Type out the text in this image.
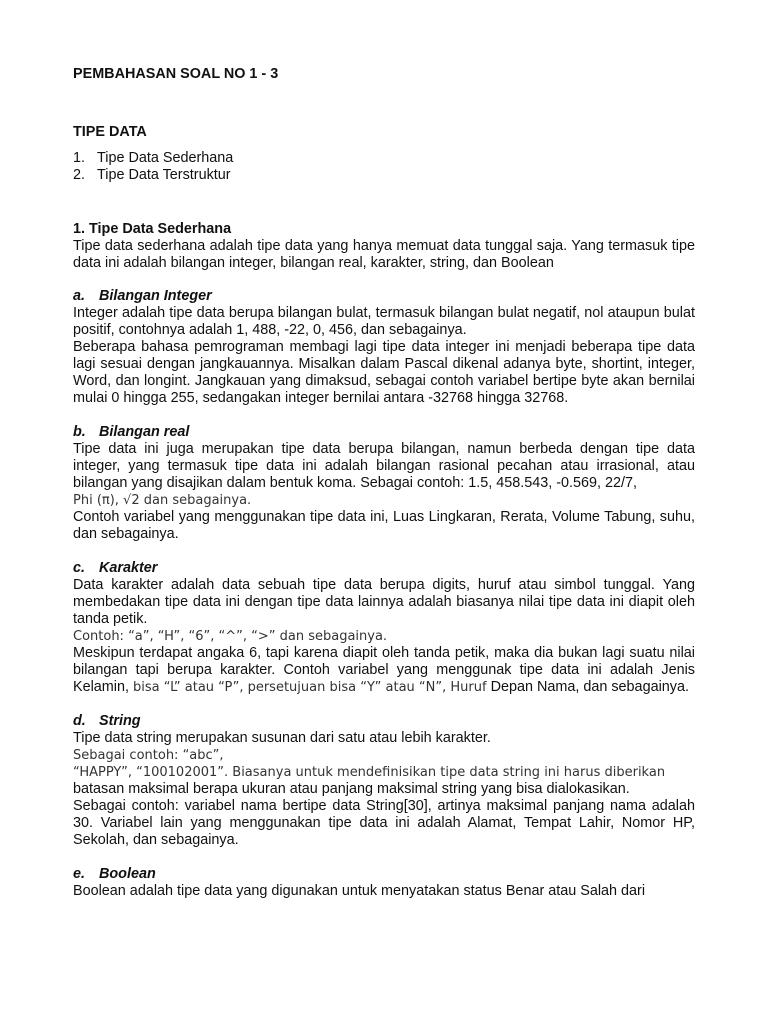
PEMBAHASAN SOAL NO 1 - 3
TIPE DATA
1. Tipe Data Sederhana
2. Tipe Data Terstruktur
1. Tipe Data Sederhana

Tipe data sederhana adalah tipe data yang hanya memuat data tunggal saja. Yang termasuk tipe data ini adalah bilangan integer, bilangan real, karakter, string, dan Boolean

a. Bilangan Integer

Integer adalah tipe data berupa bilangan bulat, termasuk bilangan bulat negatif, nol ataupun bulat positif, contohnya adalah 1, 488, -22, 0, 456, dan sebagainya.

Beberapa bahasa pemrograman membagi lagi tipe data integer ini menjadi beberapa tipe data lagi sesuai dengan jangkauannya. Misalkan dalam Pascal dikenal adanya byte, shortint, integer, Word, dan longint. Jangkauan yang dimaksud, sebagai contoh variabel bertipe byte akan bernilai mulai 0 hingga 255, sedangakan integer bernilai antara -32768 hingga 32768.

b. Bilangan real

Tipe data ini juga merupakan tipe data berupa bilangan, namun berbeda dengan tipe data integer, yang termasuk tipe data ini adalah bilangan rasional pecahan atau irrasional, atau bilangan yang disajikan dalam bentuk koma. Sebagai contoh: 1.5, 458.543, -0.569, 22/7,

Phi (π), √2 dan sebagainya.

Contoh variabel yang menggunakan tipe data ini, Luas Lingkaran, Rerata, Volume Tabung, suhu, dan sebagainya.

c. Karakter

Data karakter adalah data sebuah tipe data berupa digits, huruf atau simbol tunggal. Yang membedakan tipe data ini dengan tipe data lainnya adalah biasanya nilai tipe data ini diapit oleh tanda petik.

Contoh: “a”, “H”, “6”, “^”, “>” dan sebagainya.

Meskipun terdapat angaka 6, tapi karena diapit oleh tanda petik, maka dia bukan lagi suatu nilai bilangan tapi berupa karakter. Contoh variabel yang menggunak tipe data ini adalah Jenis Kelamin, bisa “L” atau “P”, persetujuan bisa “Y” atau “N”, Huruf Depan Nama, dan sebagainya.

d. String

Tipe data string merupakan susunan dari satu atau lebih karakter.

Sebagai contoh: “abc”,

“HAPPY”, “100102001”. Biasanya untuk mendefinisikan tipe data string ini harus diberikan

batasan maksimal berapa ukuran atau panjang maksimal string yang bisa dialokasikan.

Sebagai contoh: variabel nama bertipe data String[30], artinya maksimal panjang nama adalah 30. Variabel lain yang menggunakan tipe data ini adalah Alamat, Tempat Lahir, Nomor HP, Sekolah, dan sebagainya.

e. Boolean

Boolean adalah tipe data yang digunakan untuk menyatakan status Benar atau Salah dari
